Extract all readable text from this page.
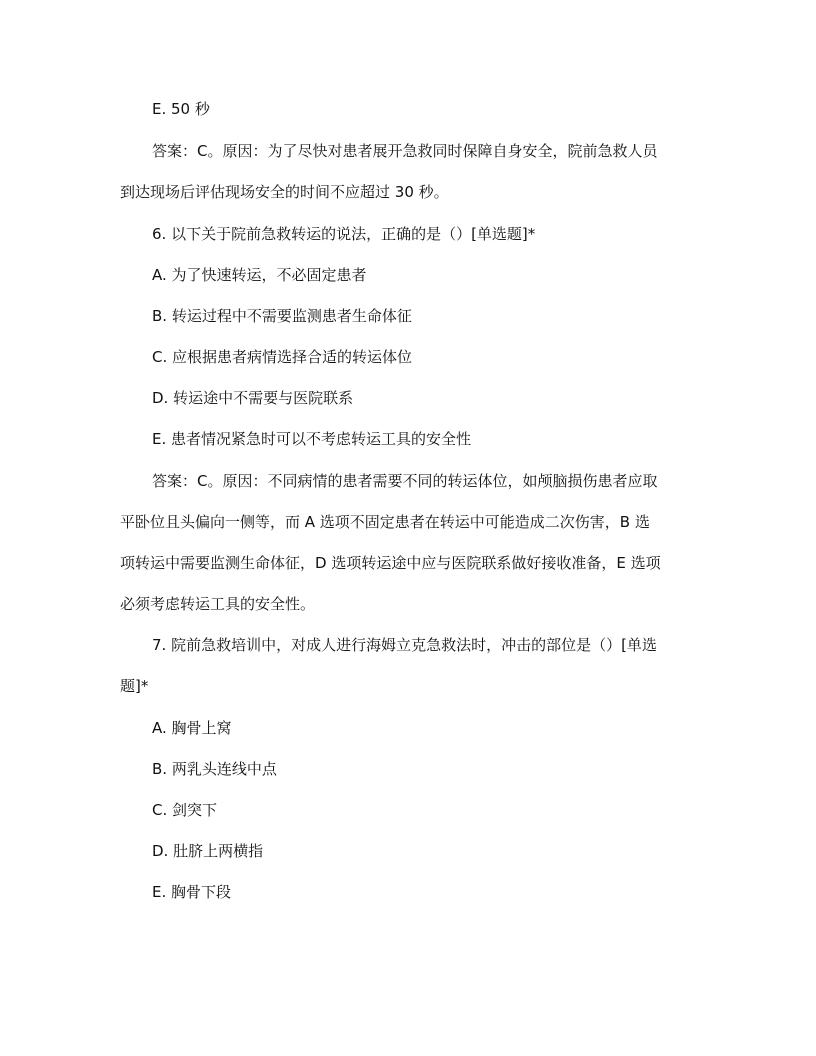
E. 50 秒
答案：C。原因：为了尽快对患者展开急救同时保障自身安全，院前急救人员
到达现场后评估现场安全的时间不应超过 30 秒。
6. 以下关于院前急救转运的说法，正确的是（）[单选题]*
A. 为了快速转运，不必固定患者
B. 转运过程中不需要监测患者生命体征
C. 应根据患者病情选择合适的转运体位
D. 转运途中不需要与医院联系
E. 患者情况紧急时可以不考虑转运工具的安全性
答案：C。原因：不同病情的患者需要不同的转运体位，如颅脑损伤患者应取
平卧位且头偏向一侧等，而 A 选项不固定患者在转运中可能造成二次伤害，B 选
项转运中需要监测生命体征，D 选项转运途中应与医院联系做好接收准备，E 选项
必须考虑转运工具的安全性。
7. 院前急救培训中，对成人进行海姆立克急救法时，冲击的部位是（）[单选
题]*
A. 胸骨上窝
B. 两乳头连线中点
C. 剑突下
D. 肚脐上两横指
E. 胸骨下段
